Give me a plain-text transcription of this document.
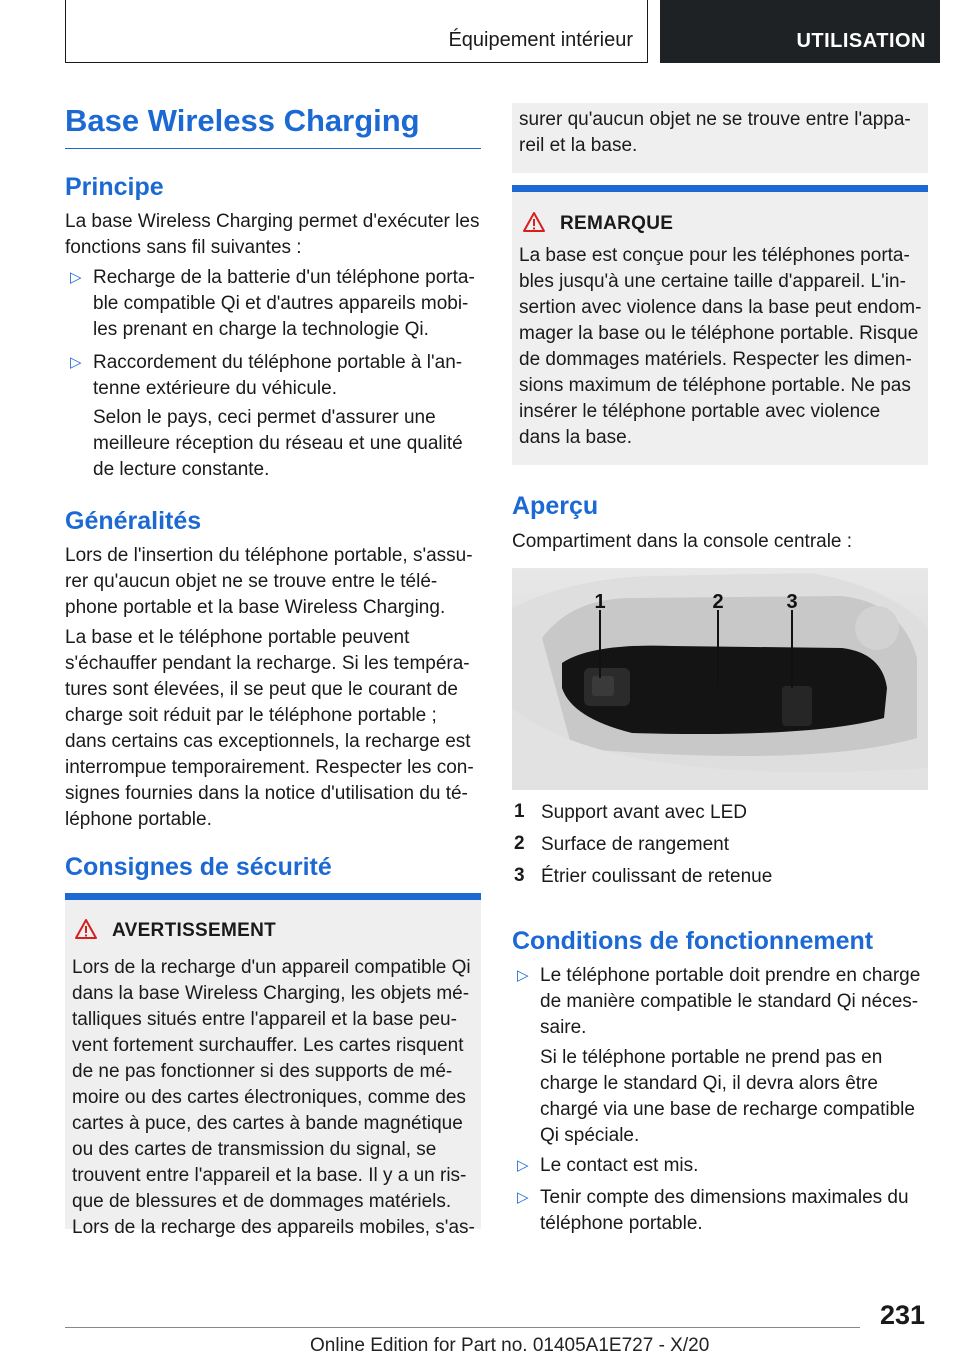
Équipement intérieur	UTILISATION
Base Wireless Charging
Principe
La base Wireless Charging permet d'exécuter les
fonctions sans fil suivantes :
▷ Recharge de la batterie d'un téléphone porta-
ble compatible Qi et d'autres appareils mobi-
les prenant en charge la technologie Qi.
▷ Raccordement du téléphone portable à l'an-
tenne extérieure du véhicule.
Selon le pays, ceci permet d'assurer une
meilleure réception du réseau et une qualité
de lecture constante.
Généralités
Lors de l'insertion du téléphone portable, s'assu-
rer qu'aucun objet ne se trouve entre le télé-
phone portable et la base Wireless Charging.
La base et le téléphone portable peuvent
s'échauffer pendant la recharge. Si les tempéra-
tures sont élevées, il se peut que le courant de
charge soit réduit par le téléphone portable ;
dans certains cas exceptionnels, la recharge est
interrompue temporairement. Respecter les con-
signes fournies dans la notice d'utilisation du té-
léphone portable.
Consignes de sécurité
AVERTISSEMENT
Lors de la recharge d'un appareil compatible Qi
dans la base Wireless Charging, les objets mé-
talliques situés entre l'appareil et la base peu-
vent fortement surchauffer. Les cartes risquent
de ne pas fonctionner si des supports de mé-
moire ou des cartes électroniques, comme des
cartes à puce, des cartes à bande magnétique
ou des cartes de transmission du signal, se
trouvent entre l'appareil et la base. Il y a un ris-
que de blessures et de dommages matériels.
Lors de la recharge des appareils mobiles, s'as-
surer qu'aucun objet ne se trouve entre l'appa-
reil et la base.
REMARQUE
La base est conçue pour les téléphones porta-
bles jusqu'à une certaine taille d'appareil. L'in-
sertion avec violence dans la base peut endom-
mager la base ou le téléphone portable. Risque
de dommages matériels. Respecter les dimen-
sions maximum de téléphone portable. Ne pas
insérer le téléphone portable avec violence
dans la base.
Aperçu
Compartiment dans la console centrale :
1	2	3
1 Support avant avec LED
2 Surface de rangement
3 Étrier coulissant de retenue
Conditions de fonctionnement
▷ Le téléphone portable doit prendre en charge
de manière compatible le standard Qi néces-
saire.
Si le téléphone portable ne prend pas en
charge le standard Qi, il devra alors être
chargé via une base de recharge compatible
Qi spéciale.
▷ Le contact est mis.
▷ Tenir compte des dimensions maximales du
téléphone portable.
231
Online Edition for Part no. 01405A1E727 - X/20
